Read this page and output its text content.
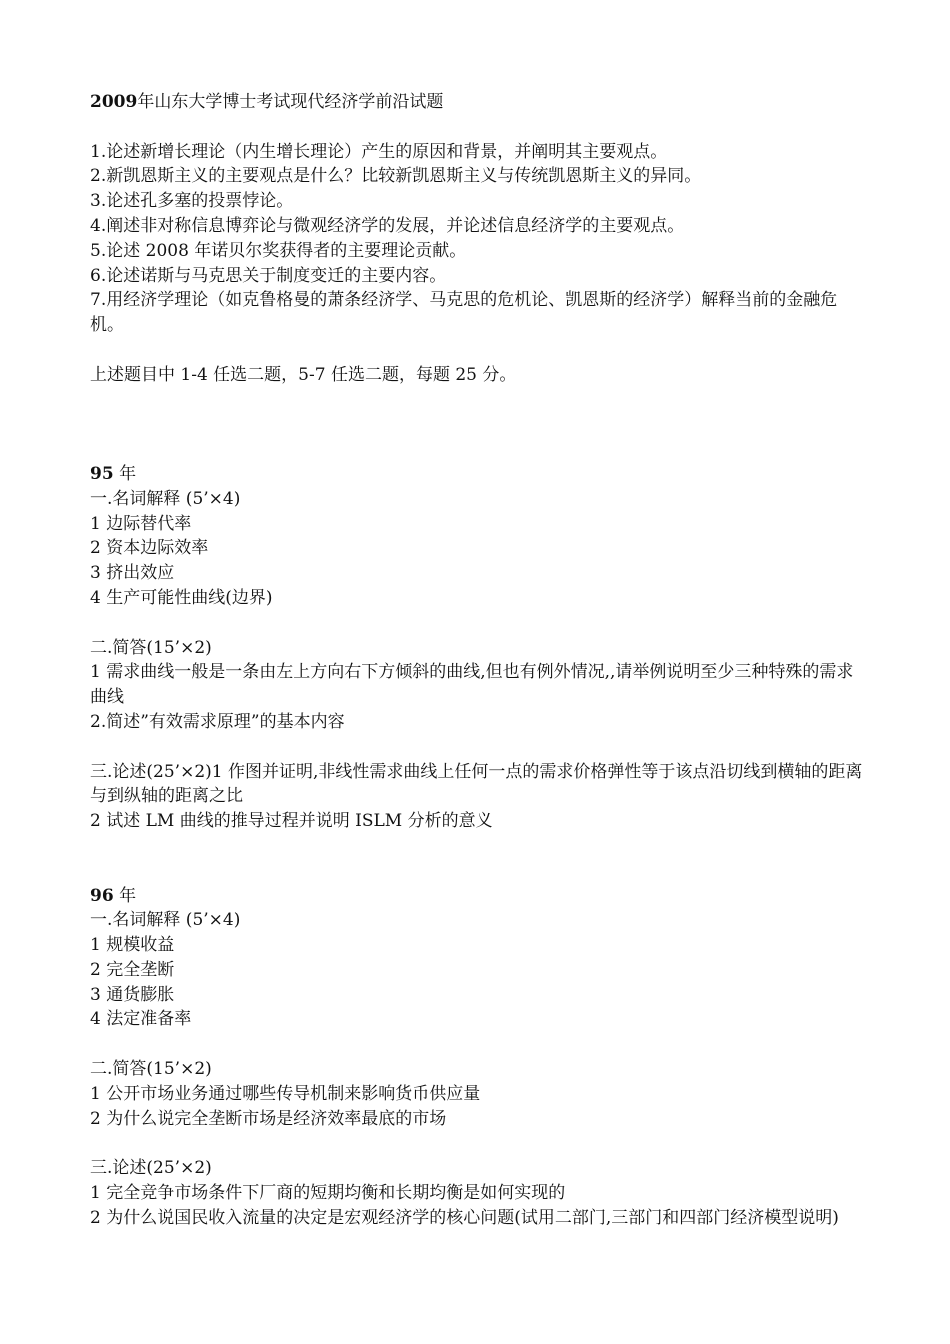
2009年山东大学博士考试现代经济学前沿试题
1.论述新增长理论（内生增长理论）产生的原因和背景，并阐明其主要观点。
2.新凯恩斯主义的主要观点是什么？比较新凯恩斯主义与传统凯恩斯主义的异同。
3.论述孔多塞的投票悖论。
4.阐述非对称信息博弈论与微观经济学的发展，并论述信息经济学的主要观点。
5.论述 2008 年诺贝尔奖获得者的主要理论贡献。
6.论述诺斯与马克思关于制度变迁的主要内容。
7.用经济学理论（如克鲁格曼的萧条经济学、马克思的危机论、凯恩斯的经济学）解释当前的金融危机。
上述题目中 1-4 任选二题，5-7 任选二题，每题 25 分。
95 年
一.名词解释 (5’×4)
1 边际替代率
2 资本边际效率
3 挤出效应
4 生产可能性曲线(边界)
二.简答(15’×2)
1 需求曲线一般是一条由左上方向右下方倾斜的曲线,但也有例外情况,,请举例说明至少三种特殊的需求曲线
2.简述”有效需求原理”的基本内容
三.论述(25’×2)1 作图并证明,非线性需求曲线上任何一点的需求价格弹性等于该点沿切线到横轴的距离与到纵轴的距离之比
2 试述 LM 曲线的推导过程并说明 ISLM 分析的意义
96 年
一.名词解释 (5’×4)
1 规模收益
2 完全垄断
3 通货膨胀
4 法定准备率
二.简答(15’×2)
1 公开市场业务通过哪些传导机制来影响货币供应量
2 为什么说完全垄断市场是经济效率最底的市场
三.论述(25’×2)
1 完全竞争市场条件下厂商的短期均衡和长期均衡是如何实现的
2 为什么说国民收入流量的决定是宏观经济学的核心问题(试用二部门,三部门和四部门经济模型说明)
